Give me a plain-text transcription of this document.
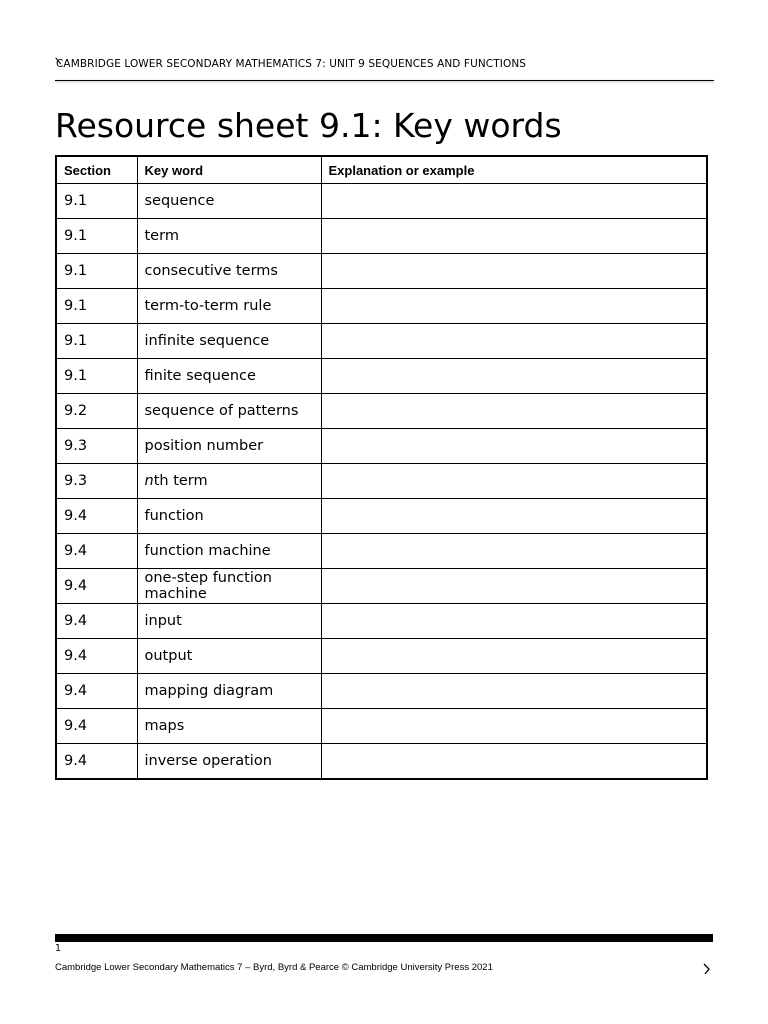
CAMBRIDGE LOWER SECONDARY MATHEMATICS 7: UNIT 9 SEQUENCES AND FUNCTIONS
Resource sheet 9.1: Key words
Section	Key word	Explanation or example
9.1	sequence	
9.1	term	
9.1	consecutive terms	
9.1	term-to-term rule	
9.1	infinite sequence	
9.1	finite sequence	
9.2	sequence of patterns	
9.3	position number	
9.3	nth term	
9.4	function	
9.4	function machine	
9.4	one-step function machine	
9.4	input	
9.4	output	
9.4	mapping diagram	
9.4	maps	
9.4	inverse operation	
1
Cambridge Lower Secondary Mathematics 7 – Byrd, Byrd & Pearce © Cambridge University Press 2021
